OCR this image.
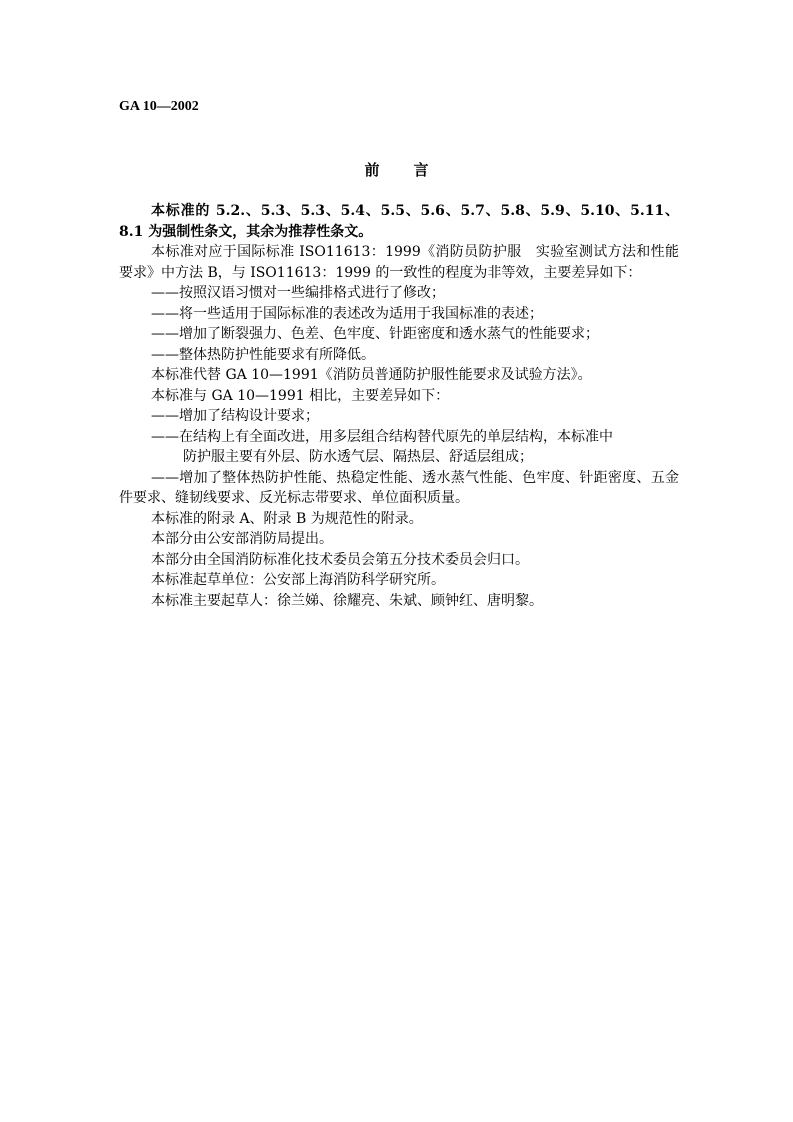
GA 10—2002
前言

本标准的 5.2.、5.3、5.3、5.4、5.5、5.6、5.7、5.8、5.9、5.10、5.11、8.1 为强制性条文，其余为推荐性条文。

本标准对应于国际标准 ISO11613：1999《消防员防护服　实验室测试方法和性能要求》中方法 B，与 ISO11613：1999 的一致性的程度为非等效，主要差异如下：

——按照汉语习惯对一些编排格式进行了修改；

——将一些适用于国际标准的表述改为适用于我国标准的表述；

——增加了断裂强力、色差、色牢度、针距密度和透水蒸气的性能要求；

——整体热防护性能要求有所降低。

本标准代替 GA 10—1991《消防员普通防护服性能要求及试验方法》。

本标准与 GA 10—1991 相比，主要差异如下：

——增加了结构设计要求；

——在结构上有全面改进，用多层组合结构替代原先的单层结构，本标准中
防护服主要有外层、防水透气层、隔热层、舒适层组成；

——增加了整体热防护性能、热稳定性能、透水蒸气性能、色牢度、针距密度、五金件要求、缝韧线要求、反光标志带要求、单位面积质量。

本标准的附录 A、附录 B 为规范性的附录。

本部分由公安部消防局提出。

本部分由全国消防标准化技术委员会第五分技术委员会归口。

本标准起草单位：公安部上海消防科学研究所。

本标准主要起草人：徐兰娣、徐耀亮、朱斌、顾钟红、唐明黎。
